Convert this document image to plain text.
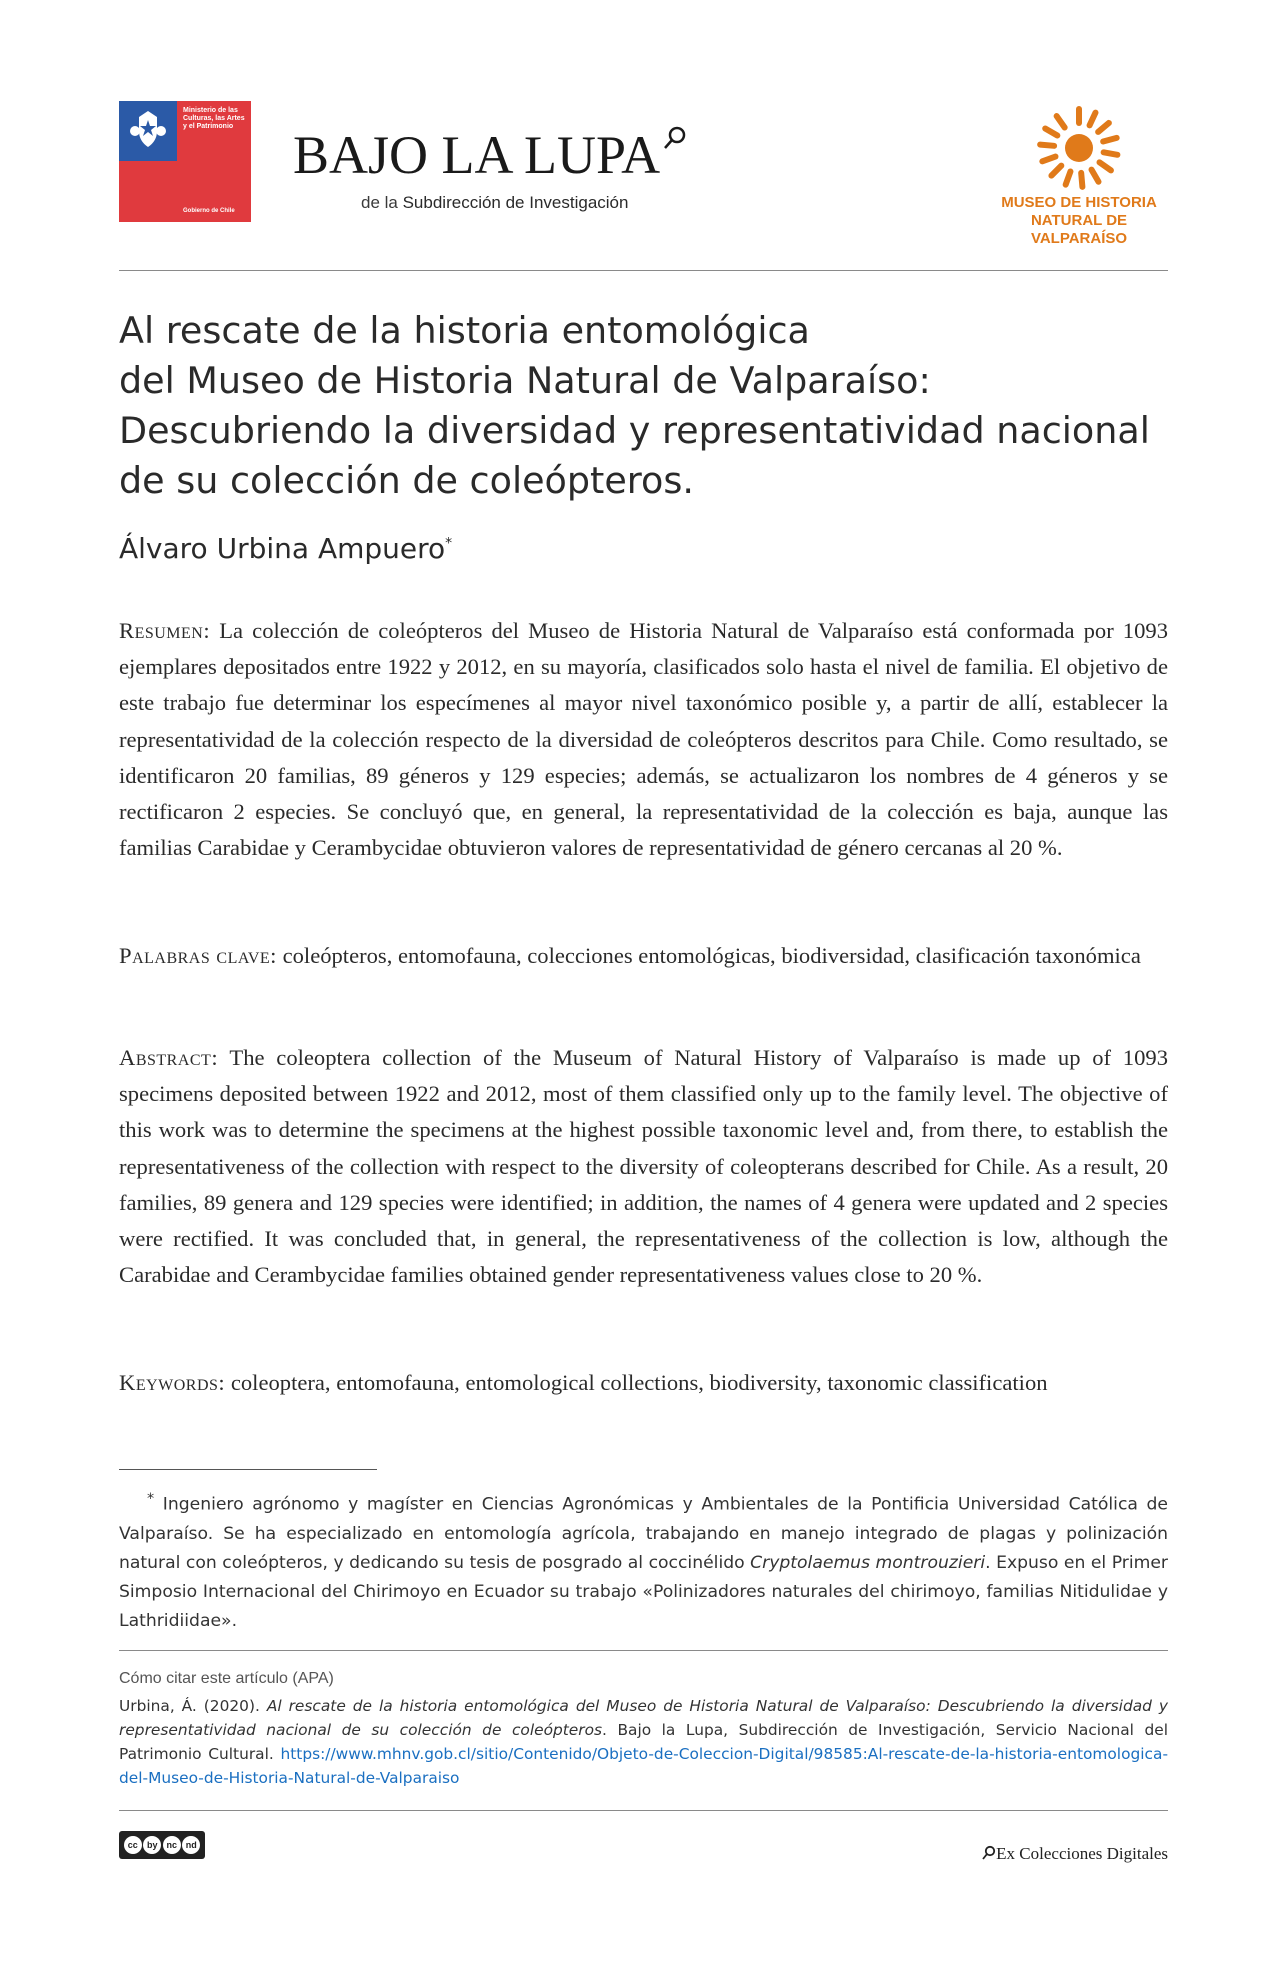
Ministerio de las Culturas, las Artes y el Patrimonio
Gobierno de Chile
BAJO LA LUPA
de la Subdirección de Investigación	MUSEO DE HISTORIA
NATURAL DE VALPARAÍSO
Al rescate de la historia entomológica
del Museo de Historia Natural de Valparaíso:
Descubriendo la diversidad y representatividad nacional
de su colección de coleópteros.
Álvaro Urbina Ampuero*
Resumen: La colección de coleópteros del Museo de Historia Natural de Valparaíso está conformada por 1093 ejemplares depositados entre 1922 y 2012, en su mayoría, clasificados solo hasta el nivel de familia. El objetivo de este trabajo fue determinar los especímenes al mayor nivel taxonómico posible y, a partir de allí, establecer la representatividad de la colección respecto de la diversidad de coleópteros descritos para Chile. Como resultado, se identificaron 20 familias, 89 géneros y 129 especies; además, se actualizaron los nombres de 4 géneros y se rectificaron 2 especies. Se concluyó que, en general, la representatividad de la colección es baja, aunque las familias Carabidae y Cerambycidae obtuvieron valores de representatividad de género cercanas al 20 %.
Palabras clave: coleópteros, entomofauna, colecciones entomológicas, biodiversidad, clasificación taxonómica
Abstract: The coleoptera collection of the Museum of Natural History of Valparaíso is made up of 1093 specimens deposited between 1922 and 2012, most of them classified only up to the family level. The objective of this work was to determine the specimens at the highest possible taxonomic level and, from there, to establish the representativeness of the collection with respect to the diversity of coleopterans described for Chile. As a result, 20 families, 89 genera and 129 species were identified; in addition, the names of 4 genera were updated and 2 species were rectified. It was concluded that, in general, the representativeness of the collection is low, although the Carabidae and Cerambycidae families obtained gender representativeness values close to 20 %.
Keywords: coleoptera, entomofauna, entomological collections, biodiversity, taxonomic classification
* Ingeniero agrónomo y magíster en Ciencias Agronómicas y Ambientales de la Pontificia Universidad Católica de Valparaíso. Se ha especializado en entomología agrícola, trabajando en manejo integrado de plagas y polinización natural con coleópteros, y dedicando su tesis de posgrado al coccinélido Cryptolaemus montrouzieri. Expuso en el Primer Simposio Internacional del Chirimoyo en Ecuador su trabajo «Polinizadores naturales del chirimoyo, familias Nitidulidae y Lathridiidae».
Cómo citar este artículo (APA)
Urbina, Á. (2020). Al rescate de la historia entomológica del Museo de Historia Natural de Valparaíso: Descubriendo la diversidad y representatividad nacional de su colección de coleópteros. Bajo la Lupa, Subdirección de Investigación, Servicio Nacional del Patrimonio Cultural. https://www.mhnv.gob.cl/sitio/Contenido/Objeto-de-Coleccion-Digital/98585:Al-rescate-de-la-historia-entomologica-del-Museo-de-Historia-Natural-de-Valparaiso
cc	by nc nd	Ex Colecciones Digitales
